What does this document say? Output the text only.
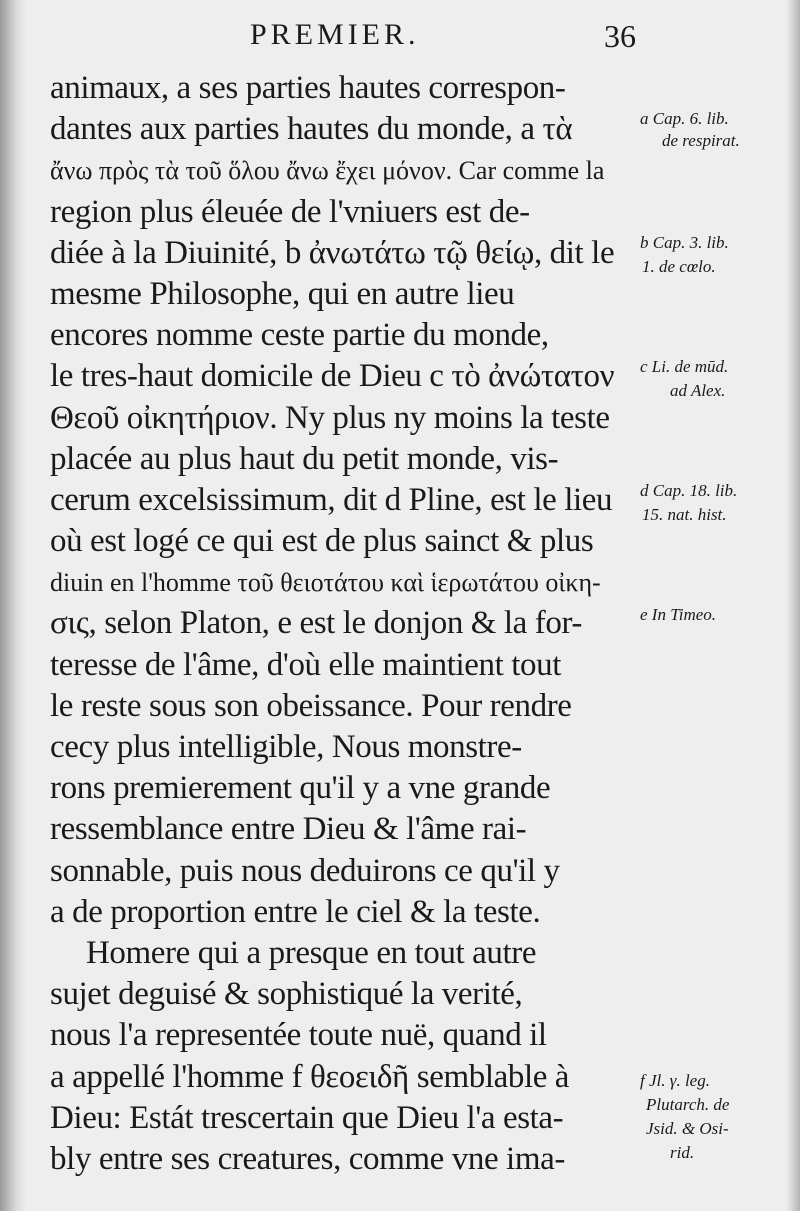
PREMIER.	36
animaux, a ses parties hautes correspon-
dantes aux parties hautes du monde, a τὰ
ἄνω πρὸς τὰ τοῦ ὅλου ἄνω ἔχει μόνον. Car comme la
region plus éleuée de l'vniuers est de-
diée à la Diuinité, b ἀνωτάτω τῷ θείῳ, dit le
mesme Philosophe, qui en autre lieu
encores nomme ceste partie du monde,
le tres-haut domicile de Dieu c τὸ ἀνώτατον
Θεοῦ οἰκητήριον. Ny plus ny moins la teste
placée au plus haut du petit monde, vis-
cerum excelsissimum, dit d Pline, est le lieu
où est logé ce qui est de plus sainct & plus
diuin en l'homme τοῦ θειοτάτου καὶ ἱερωτάτου οἰκη-
σις, selon Platon, e est le donjon & la for-
teresse de l'âme, d'où elle maintient tout
le reste sous son obeissance. Pour rendre
cecy plus intelligible, Nous monstre-
rons premierement qu'il y a vne grande
ressemblance entre Dieu & l'âme rai-
sonnable, puis nous deduirons ce qu'il y
a de proportion entre le ciel & la teste.
Homere qui a presque en tout autre
sujet deguisé & sophistiqué la verité,
nous l'a representée toute nuë, quand il
a appellé l'homme f θεοειδῆ semblable à
Dieu: Estát trescertain que Dieu l'a esta-
bly entre ses creatures, comme vne ima-
a Cap. 6. lib.
de respirat.
b Cap. 3. lib.
1. de cœlo.
c Li. de mūd.
ad Alex.
d Cap. 18. lib.
15. nat. hist.
e In Timeo.
f Jl. γ. leg.
Plutarch. de
Jsid. & Osi-
rid.
